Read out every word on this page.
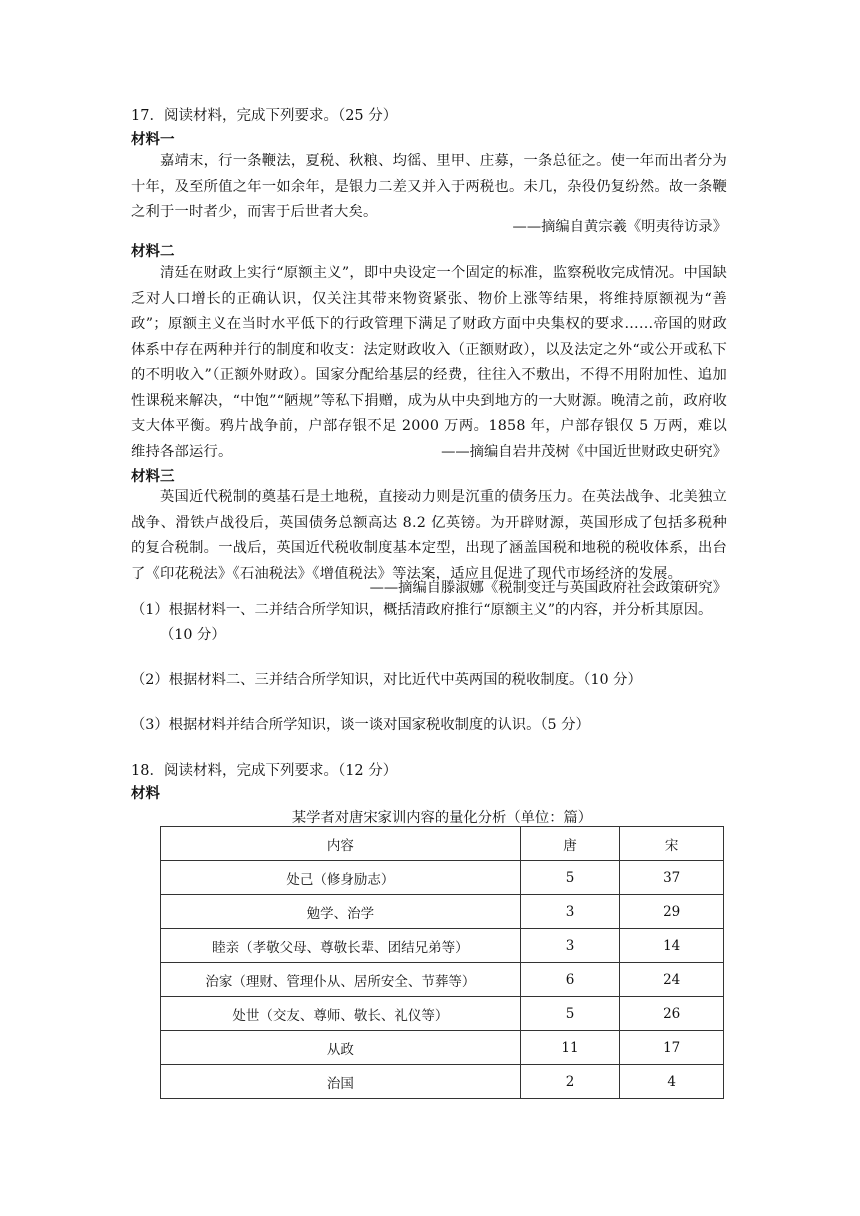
17．阅读材料，完成下列要求。（25 分）
材料一
嘉靖末，行一条鞭法，夏税、秋粮、均徭、里甲、庄募，一条总征之。使一年而出者分为十年，及至所值之年一如余年，是银力二差又并入于两税也。未几，杂役仍复纷然。故一条鞭之利于一时者少，而害于后世者大矣。
——摘编自黄宗羲《明夷待访录》
材料二
清廷在财政上实行“原额主义”，即中央设定一个固定的标准，监察税收完成情况。中国缺乏对人口增长的正确认识，仅关注其带来物资紧张、物价上涨等结果，将维持原额视为“善政”；原额主义在当时水平低下的行政管理下满足了财政方面中央集权的要求……帝国的财政体系中存在两种并行的制度和收支：法定财政收入（正额财政），以及法定之外“或公开或私下的不明收入”（正额外财政）。国家分配给基层的经费，往往入不敷出，不得不用附加性、追加性课税来解决，“中饱”“陋规”等私下捐赠，成为从中央到地方的一大财源。晚清之前，政府收支大体平衡。鸦片战争前，户部存银不足 2000 万两。1858 年，户部存银仅 5 万两，难以维持各部运行。	——摘编自岩井茂树《中国近世财政史研究》
材料三
英国近代税制的奠基石是土地税，直接动力则是沉重的债务压力。在英法战争、北美独立战争、滑铁卢战役后，英国债务总额高达 8.2 亿英镑。为开辟财源，英国形成了包括多税种的复合税制。一战后，英国近代税收制度基本定型，出现了涵盖国税和地税的税收体系，出台了《印花税法》《石油税法》《增值税法》等法案，适应且促进了现代市场经济的发展。
——摘编自滕淑娜《税制变迁与英国政府社会政策研究》
（1）根据材料一、二并结合所学知识，概括清政府推行“原额主义”的内容，并分析其原因。（10 分）
（2）根据材料二、三并结合所学知识，对比近代中英两国的税收制度。（10 分）
（3）根据材料并结合所学知识，谈一谈对国家税收制度的认识。（5 分）
18．阅读材料，完成下列要求。（12 分）
材料
某学者对唐宋家训内容的量化分析（单位：篇）
内容	唐	宋
处己（修身励志）	5	37
勉学、治学	3	29
睦亲（孝敬父母、尊敬长辈、团结兄弟等）	3	14
治家（理财、管理仆从、居所安全、节葬等）	6	24
处世（交友、尊师、敬长、礼仪等）	5	26
从政	11	17
治国	2	4
